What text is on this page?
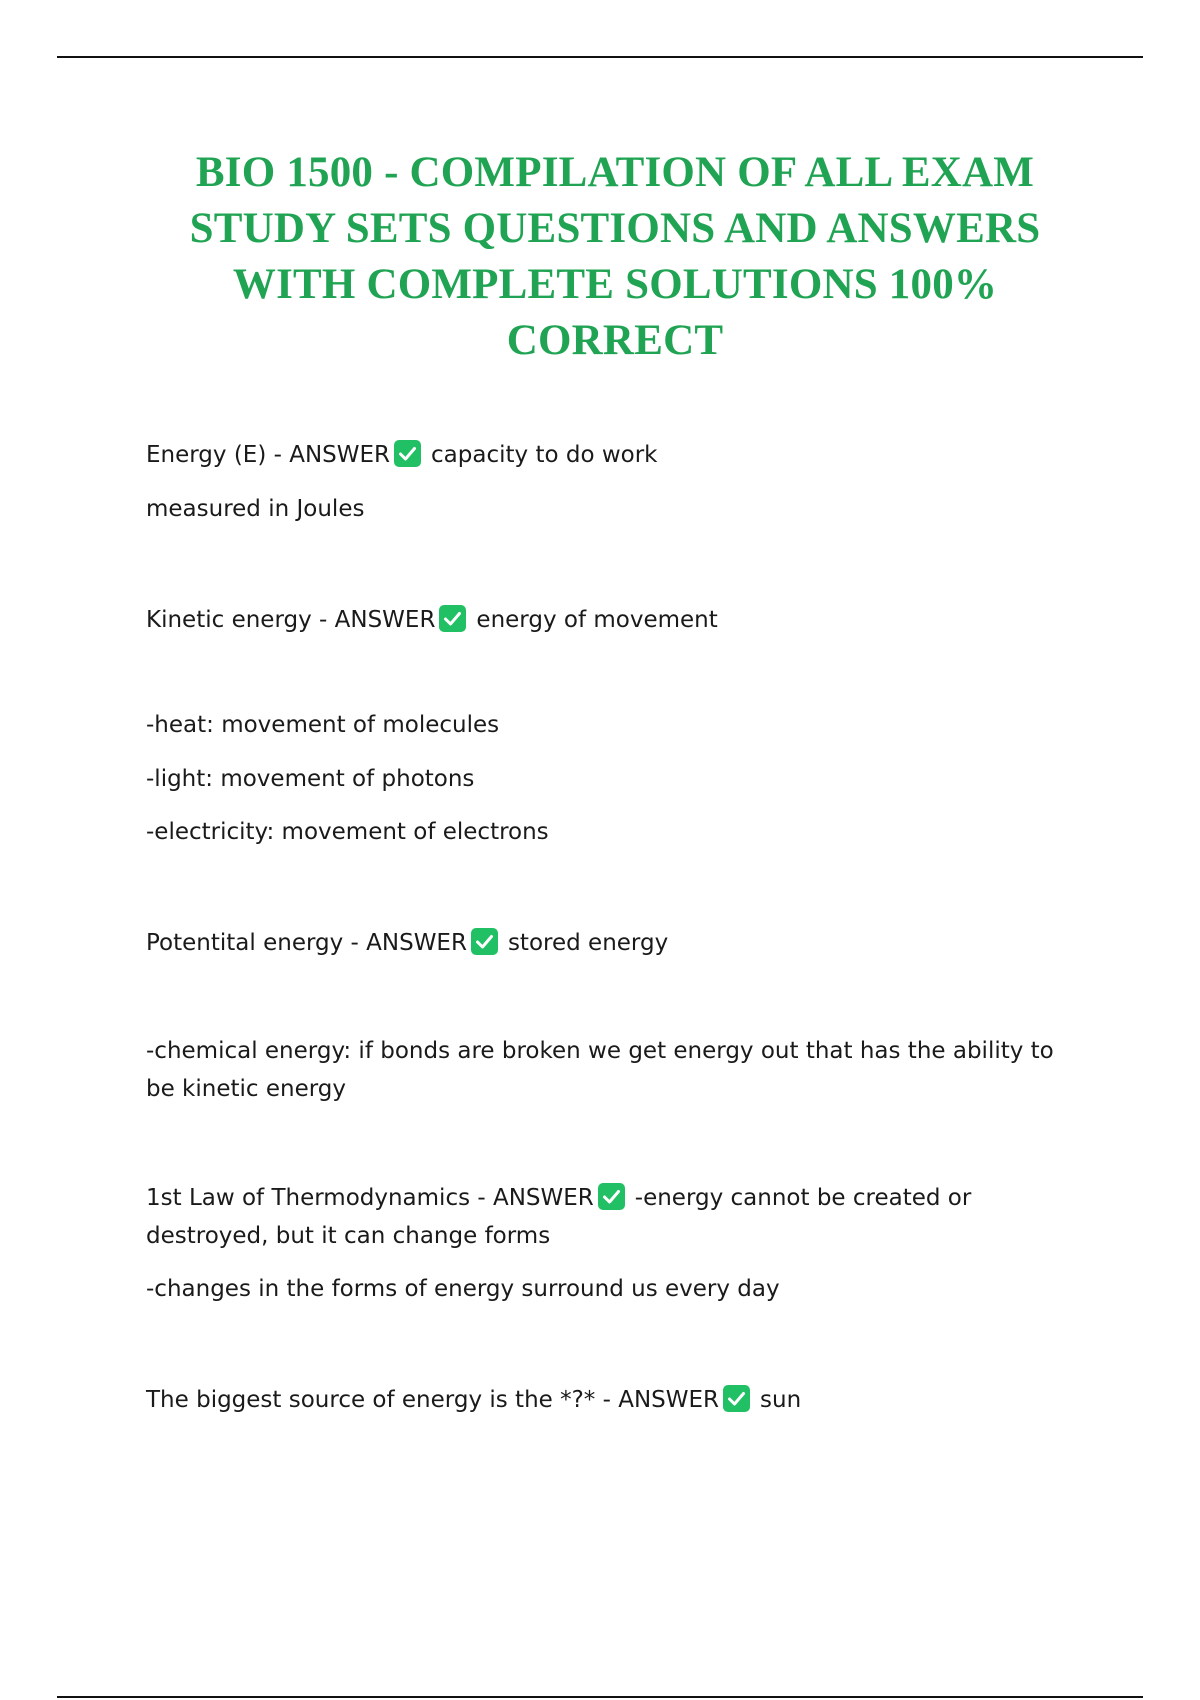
BIO 1500 - COMPILATION OF ALL EXAM STUDY SETS QUESTIONS AND ANSWERS WITH COMPLETE SOLUTIONS 100% CORRECT
Energy (E) - ANSWER capacity to do work
measured in Joules
Kinetic energy - ANSWER energy of movement
-heat: movement of molecules
-light: movement of photons
-electricity: movement of electrons
Potentital energy - ANSWER stored energy
-chemical energy: if bonds are broken we get energy out that has the ability to be kinetic energy
1st Law of Thermodynamics - ANSWER -energy cannot be created or destroyed, but it can change forms
-changes in the forms of energy surround us every day
The biggest source of energy is the *?* - ANSWER sun
